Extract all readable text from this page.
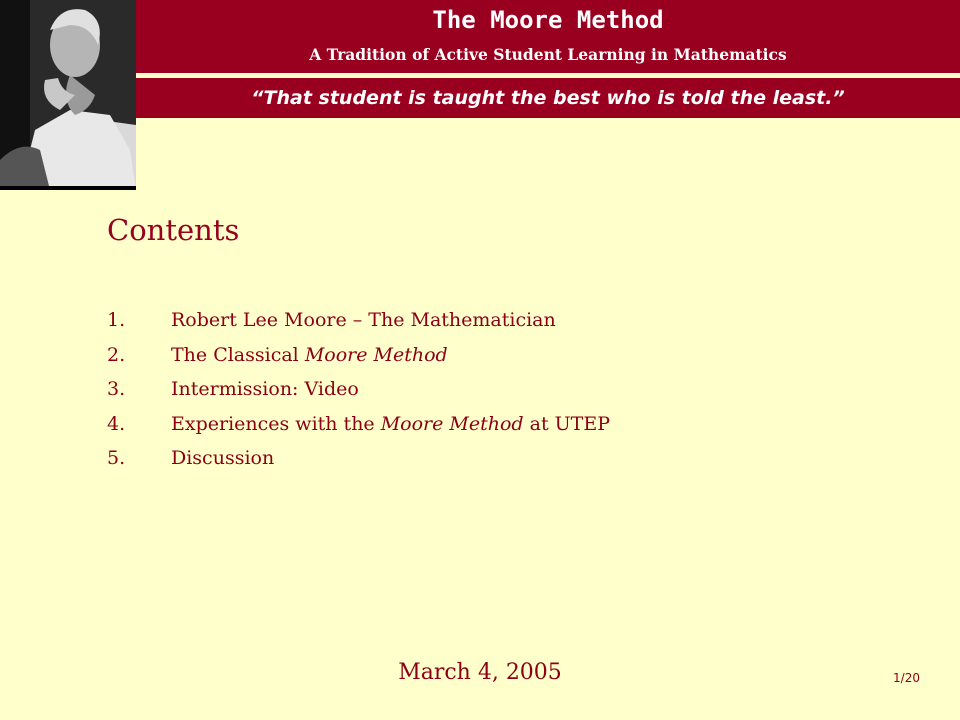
The Moore Method
A Tradition of Active Student Learning in Mathematics
“That student is taught the best who is told the least.”
Contents
1. Robert Lee Moore – The Mathematician
2. The Classical Moore Method
3. Intermission: Video
4. Experiences with the Moore Method at UTEP
5. Discussion
March 4, 2005	1/20
